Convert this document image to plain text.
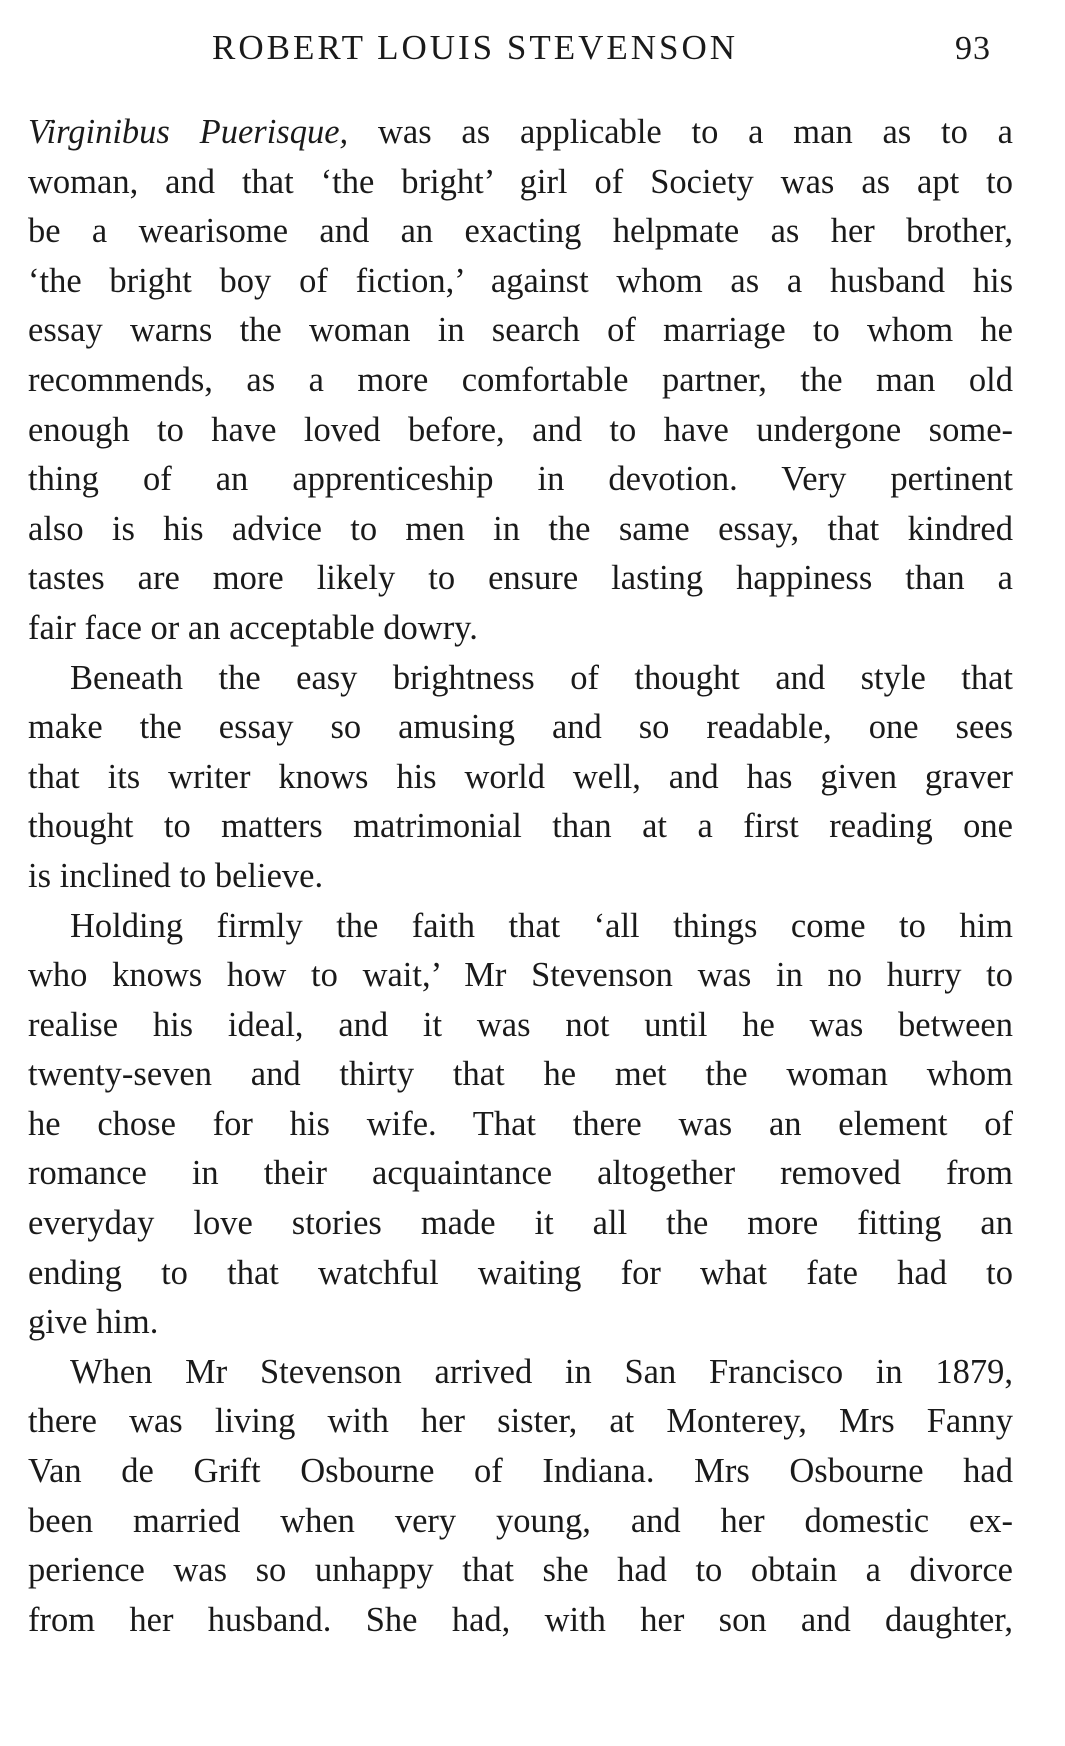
ROBERT LOUIS STEVENSON	93
Virginibus Puerisque, was as applicable to a man as to a
woman, and that ‘the bright’ girl of Society was as apt to
be a wearisome and an exacting helpmate as her brother,
‘the bright boy of fiction,’ against whom as a husband his
essay warns the woman in search of marriage to whom he
recommends, as a more comfortable partner, the man old
enough to have loved before, and to have undergone some-
thing of an apprenticeship in devotion. Very pertinent
also is his advice to men in the same essay, that kindred
tastes are more likely to ensure lasting happiness than a
fair face or an acceptable dowry.
Beneath the easy brightness of thought and style that
make the essay so amusing and so readable, one sees
that its writer knows his world well, and has given graver
thought to matters matrimonial than at a first reading one
is inclined to believe.
Holding firmly the faith that ‘all things come to him
who knows how to wait,’ Mr Stevenson was in no hurry to
realise his ideal, and it was not until he was between
twenty-seven and thirty that he met the woman whom
he chose for his wife. That there was an element of
romance in their acquaintance altogether removed from
everyday love stories made it all the more fitting an
ending to that watchful waiting for what fate had to
give him.
When Mr Stevenson arrived in San Francisco in 1879,
there was living with her sister, at Monterey, Mrs Fanny
Van de Grift Osbourne of Indiana. Mrs Osbourne had
been married when very young, and her domestic ex-
perience was so unhappy that she had to obtain a divorce
from her husband. She had, with her son and daughter,
